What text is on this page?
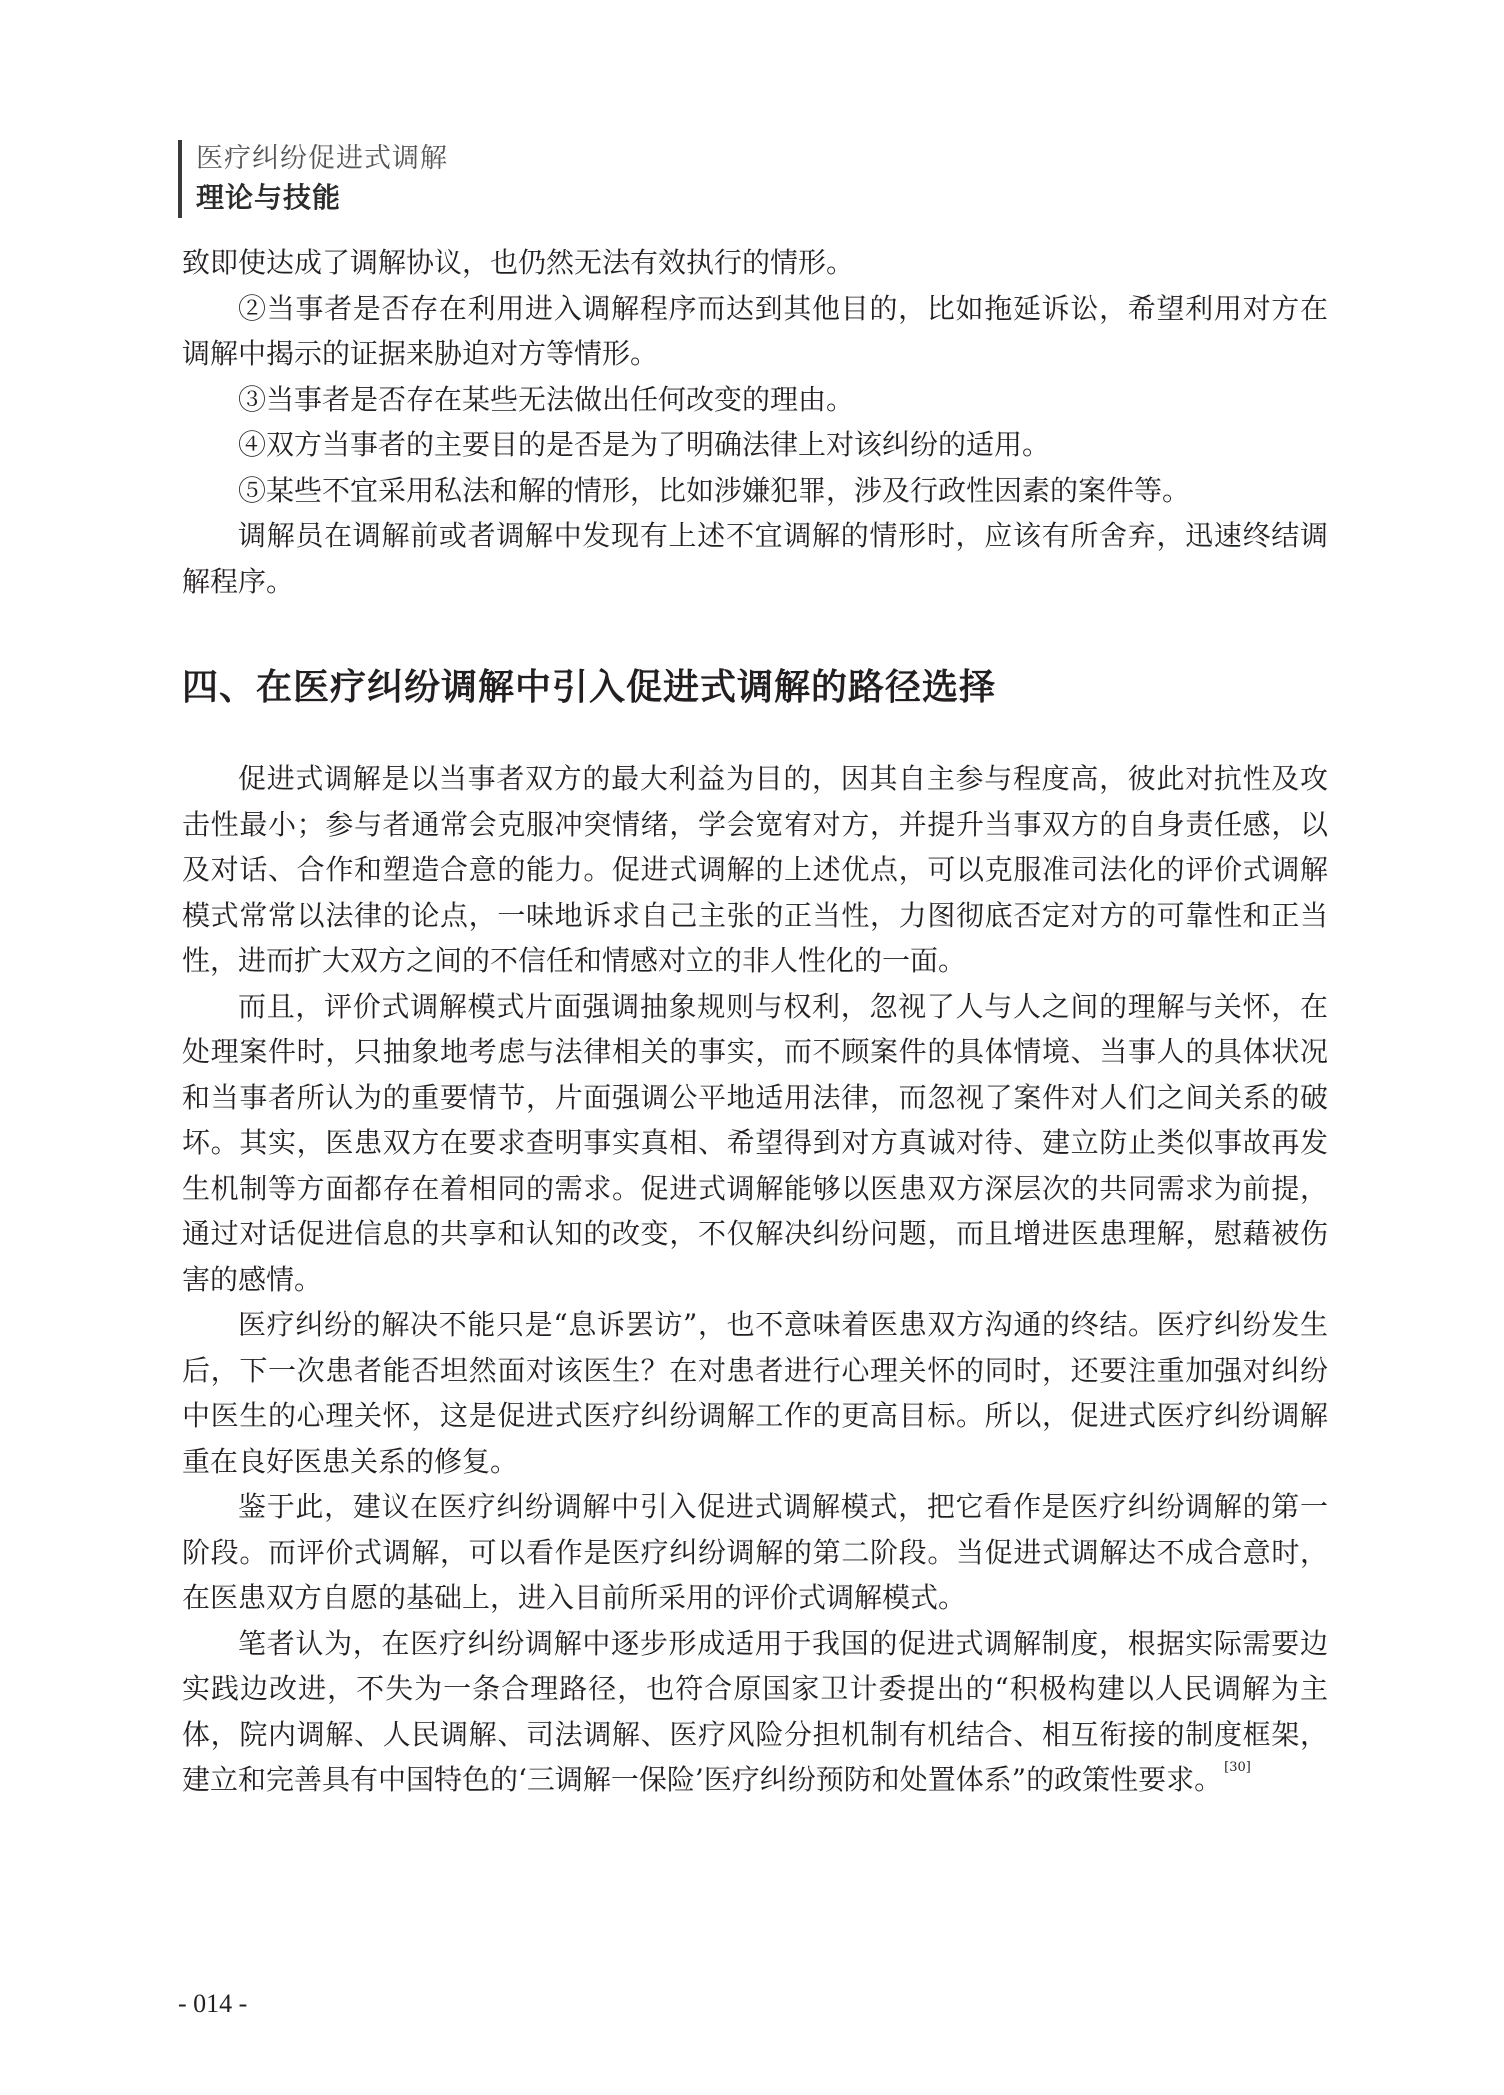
医疗纠纷促进式调解
理论与技能

致即使达成了调解协议，也仍然无法有效执行的情形。

②当事者是否存在利用进入调解程序而达到其他目的，比如拖延诉讼，希望利用对方在调解中揭示的证据来胁迫对方等情形。

③当事者是否存在某些无法做出任何改变的理由。

④双方当事者的主要目的是否是为了明确法律上对该纠纷的适用。

⑤某些不宜采用私法和解的情形，比如涉嫌犯罪，涉及行政性因素的案件等。

调解员在调解前或者调解中发现有上述不宜调解的情形时，应该有所舍弃，迅速终结调解程序。

四、在医疗纠纷调解中引入促进式调解的路径选择

促进式调解是以当事者双方的最大利益为目的，因其自主参与程度高，彼此对抗性及攻击性最小；参与者通常会克服冲突情绪，学会宽宥对方，并提升当事双方的自身责任感，以及对话、合作和塑造合意的能力。促进式调解的上述优点，可以克服准司法化的评价式调解模式常常以法律的论点，一味地诉求自己主张的正当性，力图彻底否定对方的可靠性和正当性，进而扩大双方之间的不信任和情感对立的非人性化的一面。

而且，评价式调解模式片面强调抽象规则与权利，忽视了人与人之间的理解与关怀，在处理案件时，只抽象地考虑与法律相关的事实，而不顾案件的具体情境、当事人的具体状况和当事者所认为的重要情节，片面强调公平地适用法律，而忽视了案件对人们之间关系的破坏。其实，医患双方在要求查明事实真相、希望得到对方真诚对待、建立防止类似事故再发生机制等方面都存在着相同的需求。促进式调解能够以医患双方深层次的共同需求为前提，通过对话促进信息的共享和认知的改变，不仅解决纠纷问题，而且增进医患理解，慰藉被伤害的感情。

医疗纠纷的解决不能只是“息诉罢访”，也不意味着医患双方沟通的终结。医疗纠纷发生后，下一次患者能否坦然面对该医生？在对患者进行心理关怀的同时，还要注重加强对纠纷中医生的心理关怀，这是促进式医疗纠纷调解工作的更高目标。所以，促进式医疗纠纷调解重在良好医患关系的修复。

鉴于此，建议在医疗纠纷调解中引入促进式调解模式，把它看作是医疗纠纷调解的第一阶段。而评价式调解，可以看作是医疗纠纷调解的第二阶段。当促进式调解达不成合意时，在医患双方自愿的基础上，进入目前所采用的评价式调解模式。

笔者认为，在医疗纠纷调解中逐步形成适用于我国的促进式调解制度，根据实际需要边实践边改进，不失为一条合理路径，也符合原国家卫计委提出的“积极构建以人民调解为主体，院内调解、人民调解、司法调解、医疗风险分担机制有机结合、相互衔接的制度框架，建立和完善具有中国特色的‘三调解一保险’医疗纠纷预防和处置体系”的政策性要求。 [30]

- 014 -
